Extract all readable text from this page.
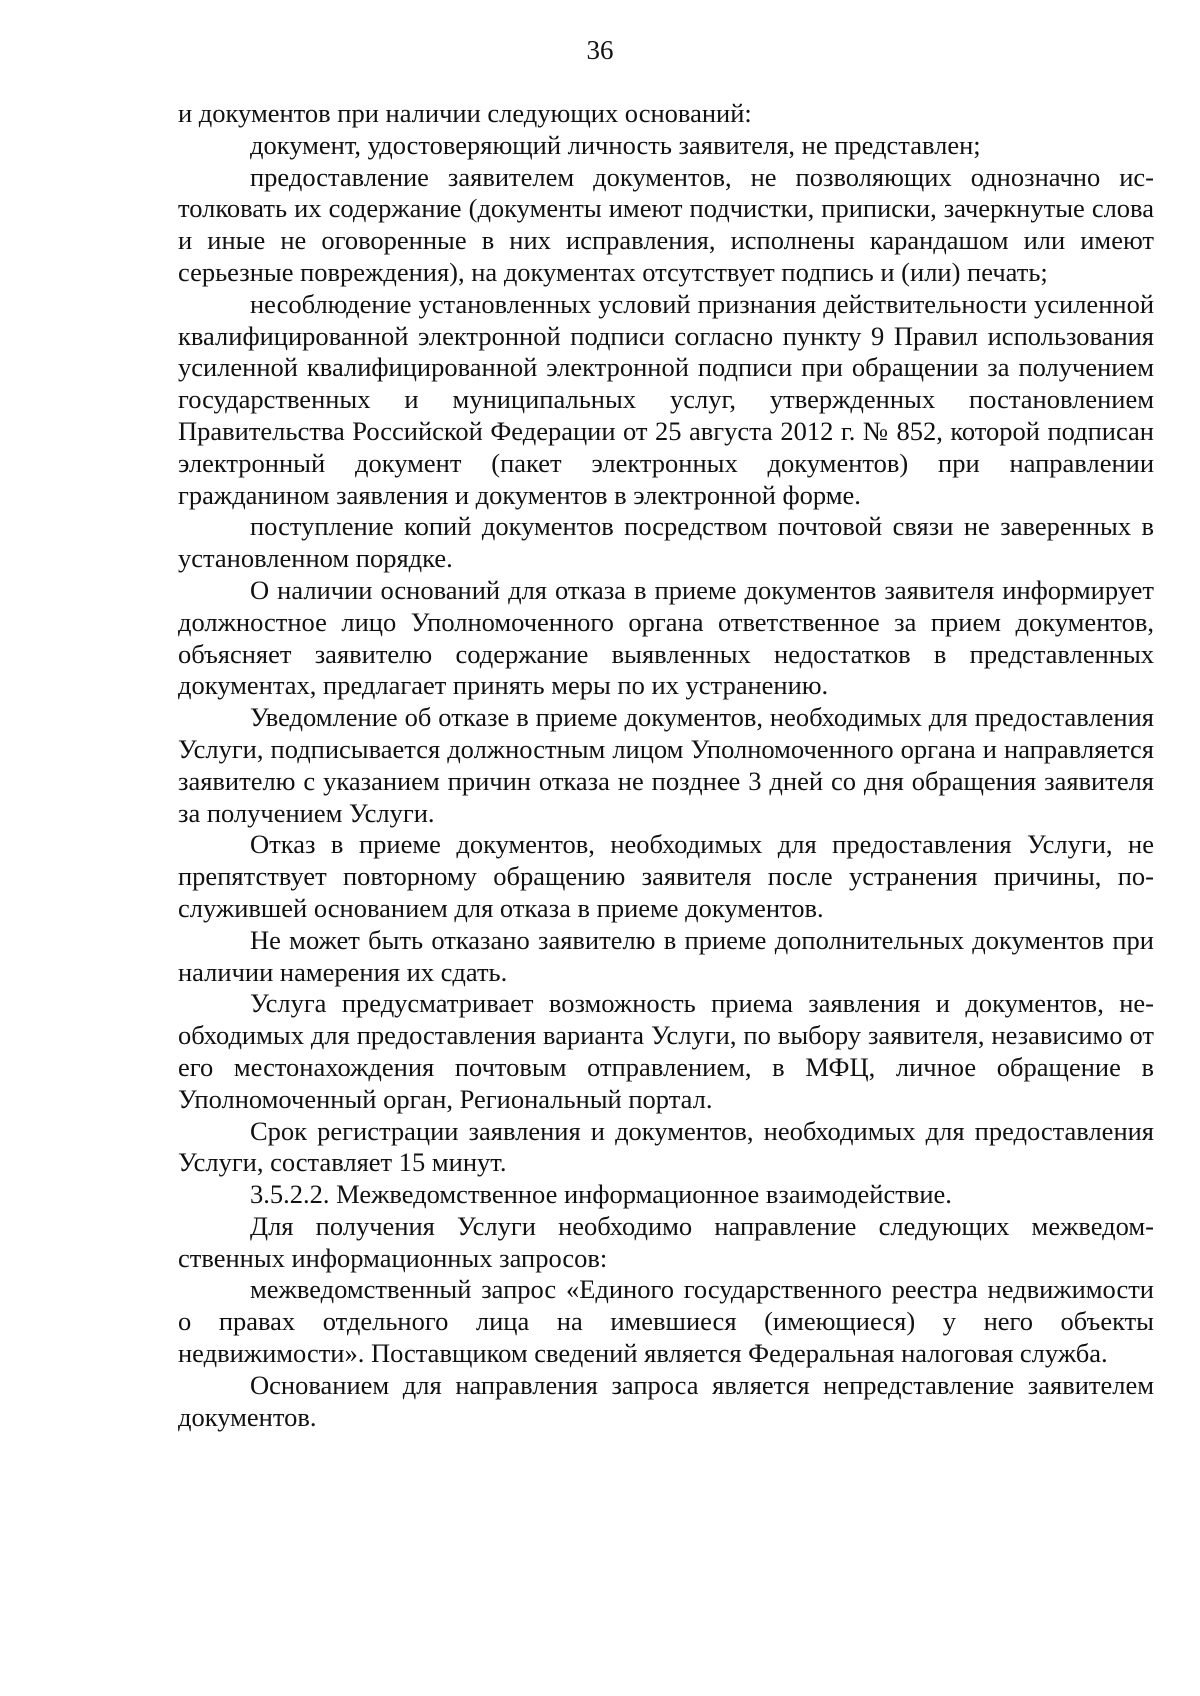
36

и документов при наличии следующих оснований:

документ, удостоверяющий личность заявителя, не представлен;

предоставление заявителем документов, не позволяющих однозначно истолковать их содержание (документы имеют подчистки, приписки, зачеркнутые слова и иные не оговоренные в них исправления, исполнены карандашом или имеют серьезные повреждения), на документах отсутствует подпись и (или) печать;

несоблюдение установленных условий признания действительности усиленной квалифицированной электронной подписи согласно пункту 9 Правил использования усиленной квалифицированной электронной подписи при обращении за получением государственных и муниципальных услуг, утвержденных постановлением Правительства Российской Федерации от 25 августа 2012 г. № 852, которой подписан электронный документ (пакет электронных документов) при направлении гражданином заявления и документов в электронной форме.

поступление копий документов посредством почтовой связи не заверенных в установленном порядке.

О наличии оснований для отказа в приеме документов заявителя информирует должностное лицо Уполномоченного органа ответственное за прием документов, объясняет заявителю содержание выявленных недостатков в представленных документах, предлагает принять меры по их устранению.

Уведомление об отказе в приеме документов, необходимых для предоставления Услуги, подписывается должностным лицом Уполномоченного органа и направляется заявителю с указанием причин отказа не позднее 3 дней со дня обращения заявителя за получением Услуги.

Отказ в приеме документов, необходимых для предоставления Услуги, не препятствует повторному обращению заявителя после устранения причины, послужившей основанием для отказа в приеме документов.

Не может быть отказано заявителю в приеме дополнительных документов при наличии намерения их сдать.

Услуга предусматривает возможность приема заявления и документов, необходимых для предоставления варианта Услуги, по выбору заявителя, независимо от его местонахождения почтовым отправлением, в МФЦ, личное обращение в Уполномоченный орган, Региональный портал.

Срок регистрации заявления и документов, необходимых для предоставления Услуги, составляет 15 минут.

3.5.2.2. Межведомственное информационное взаимодействие.

Для получения Услуги необходимо направление следующих межведомственных информационных запросов:

межведомственный запрос «Единого государственного реестра недвижимости о правах отдельного лица на имевшиеся (имеющиеся) у него объекты недвижимости». Поставщиком сведений является Федеральная налоговая служба.

Основанием для направления запроса является непредставление заявителем документов.
